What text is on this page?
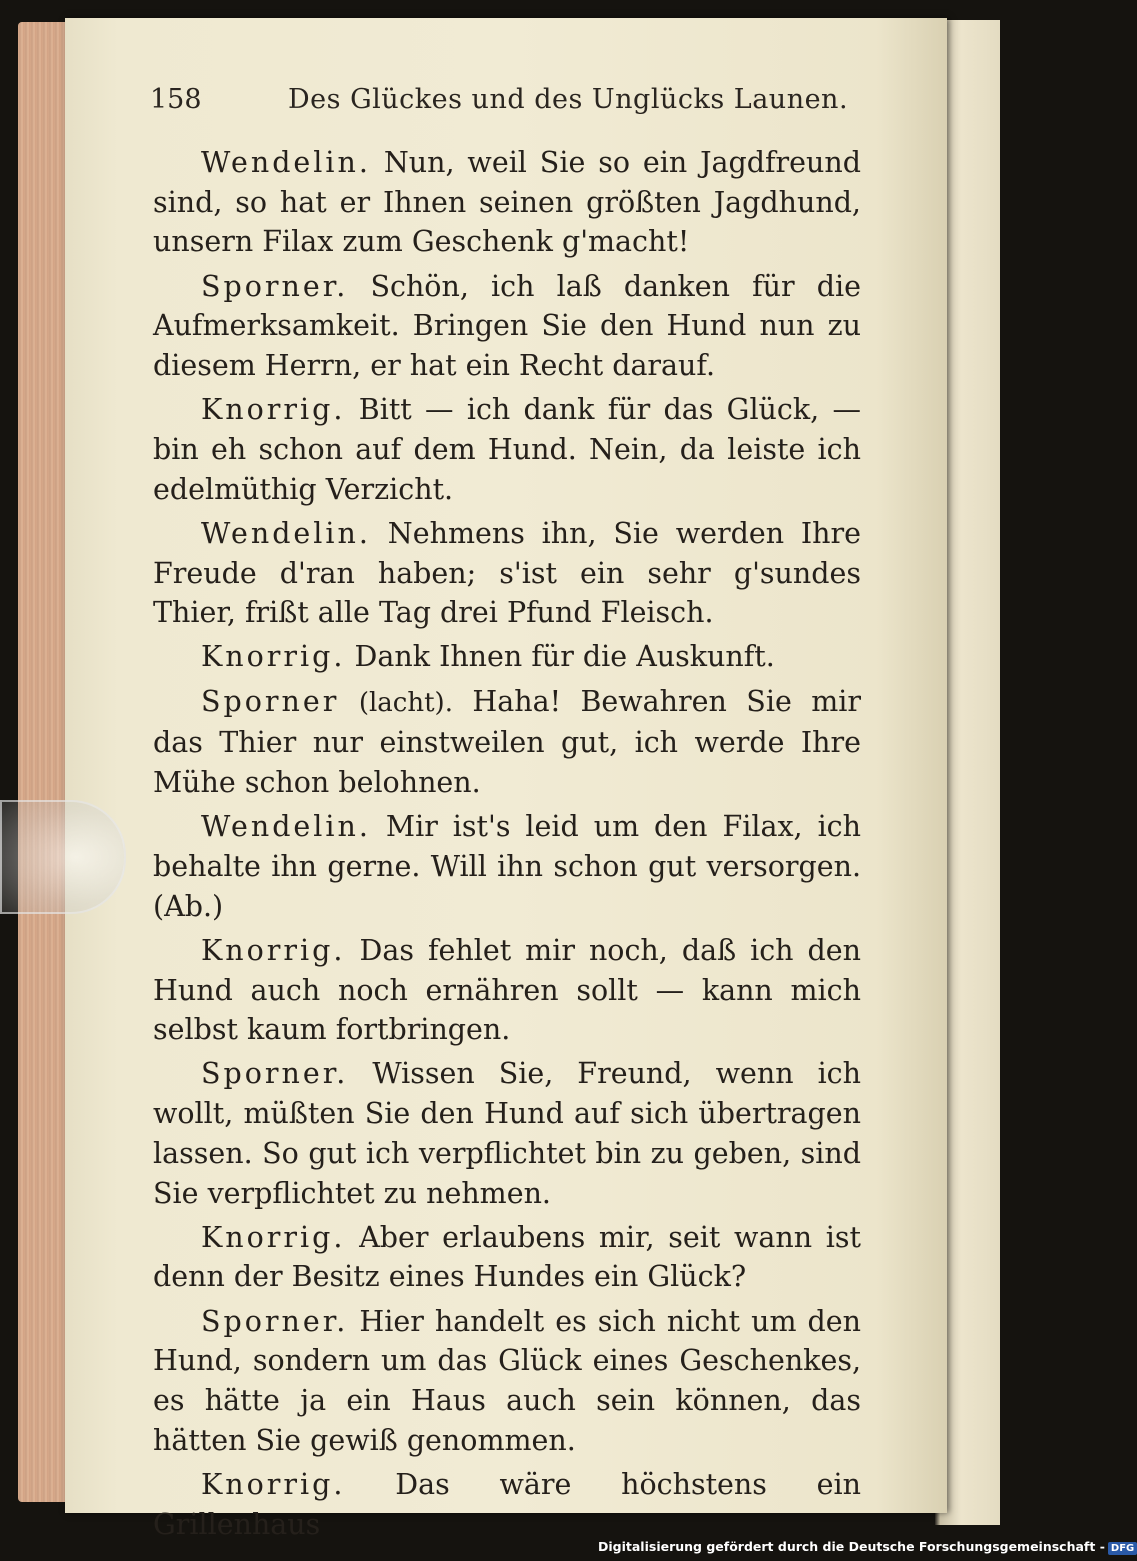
158	Des Glückes und des Unglücks Launen.

Wendelin. Nun, weil Sie so ein Jagdfreund sind, so hat er Ihnen seinen größten Jagdhund, unsern Filax zum Geschenk g'macht!

Sporner. Schön, ich laß danken für die Aufmerksamkeit. Bringen Sie den Hund nun zu diesem Herrn, er hat ein Recht darauf.

Knorrig. Bitt — ich dank für das Glück, — bin eh schon auf dem Hund. Nein, da leiste ich edelmüthig Verzicht.

Wendelin. Nehmens ihn, Sie werden Ihre Freude d'ran haben; s'ist ein sehr g'sundes Thier, frißt alle Tag drei Pfund Fleisch.

Knorrig. Dank Ihnen für die Auskunft.

Sporner (lacht). Haha! Bewahren Sie mir das Thier nur einstweilen gut, ich werde Ihre Mühe schon belohnen.

Wendelin. Mir ist's leid um den Filax, ich behalte ihn gerne. Will ihn schon gut versorgen. (Ab.)

Knorrig. Das fehlet mir noch, daß ich den Hund auch noch ernähren sollt — kann mich selbst kaum fortbringen.

Sporner. Wissen Sie, Freund, wenn ich wollt, müßten Sie den Hund auf sich übertragen lassen. So gut ich verpflichtet bin zu geben, sind Sie verpflichtet zu nehmen.

Knorrig. Aber erlaubens mir, seit wann ist denn der Besitz eines Hundes ein Glück?

Sporner. Hier handelt es sich nicht um den Hund, sondern um das Glück eines Geschenkes, es hätte ja ein Haus auch sein können, das hätten Sie gewiß genommen.

Knorrig. Das wäre höchstens ein Grillenhaus

Digitalisierung gefördert durch die Deutsche Forschungsgemeinschaft - DFG
